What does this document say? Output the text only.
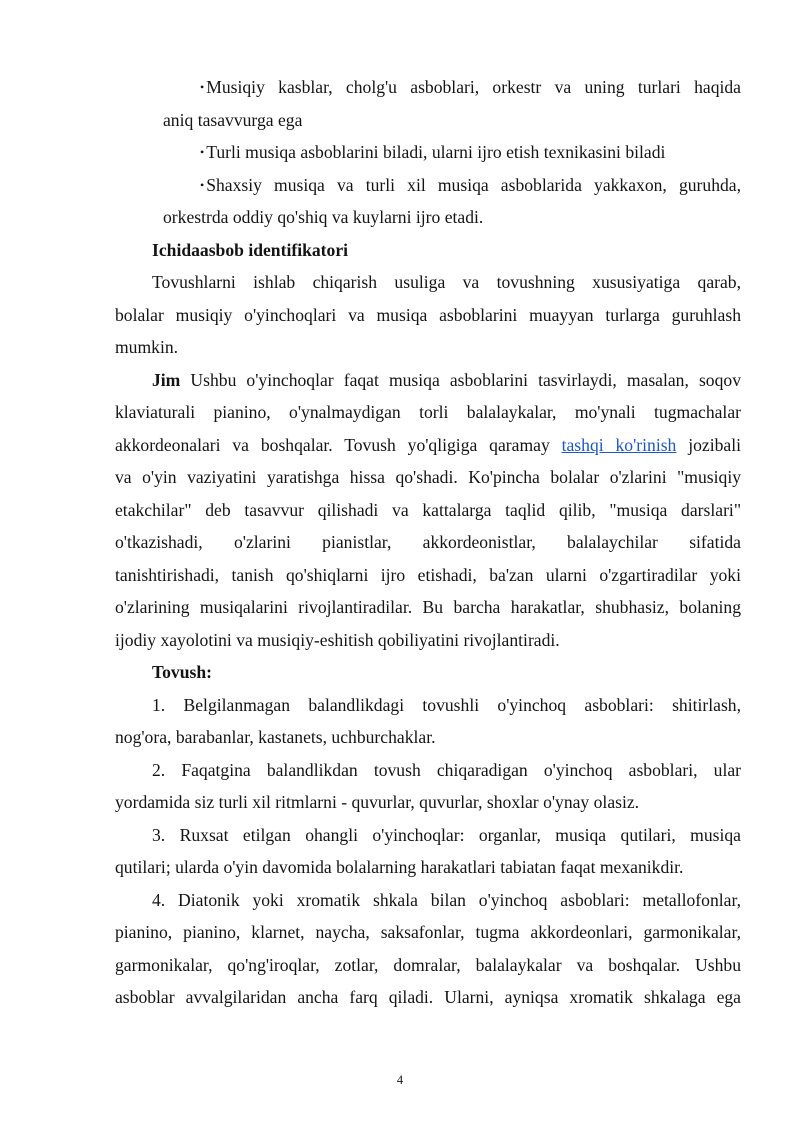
• Musiqiy kasblar, cholg'u asboblari, orkestr va uning turlari haqida
aniq tasavvurga ega
• Turli musiqa asboblarini biladi, ularni ijro etish texnikasini biladi
• Shaxsiy musiqa va turli xil musiqa asboblarida yakkaxon, guruhda,
orkestrda oddiy qo'shiq va kuylarni ijro etadi.
Ichidaasbob identifikatori
Tovushlarni ishlab chiqarish usuliga va tovushning xususiyatiga qarab,
bolalar musiqiy o'yinchoqlari va musiqa asboblarini muayyan turlarga guruhlash
mumkin.
Jim Ushbu o'yinchoqlar faqat musiqa asboblarini tasvirlaydi, masalan, soqov
klaviaturali pianino, o'ynalmaydigan torli balalaykalar, mo'ynali tugmachalar
akkordeonalari va boshqalar. Tovush yo'qligiga qaramay tashqi ko'rinish jozibali
va o'yin vaziyatini yaratishga hissa qo'shadi. Ko'pincha bolalar o'zlarini "musiqiy
etakchilar" deb tasavvur qilishadi va kattalarga taqlid qilib, "musiqa darslari"
o'tkazishadi, o'zlarini pianistlar, akkordeonistlar, balalaychilar sifatida
tanishtirishadi, tanish qo'shiqlarni ijro etishadi, ba'zan ularni o'zgartiradilar yoki
o'zlarining musiqalarini rivojlantiradilar. Bu barcha harakatlar, shubhasiz, bolaning
ijodiy xayolotini va musiqiy-eshitish qobiliyatini rivojlantiradi.
Tovush:
1. Belgilanmagan balandlikdagi tovushli o'yinchoq asboblari: shitirlash,
nog'ora, barabanlar, kastanets, uchburchaklar.
2. Faqatgina balandlikdan tovush chiqaradigan o'yinchoq asboblari, ular
yordamida siz turli xil ritmlarni - quvurlar, quvurlar, shoxlar o'ynay olasiz.
3. Ruxsat etilgan ohangli o'yinchoqlar: organlar, musiqa qutilari, musiqa
qutilari; ularda o'yin davomida bolalarning harakatlari tabiatan faqat mexanikdir.
4. Diatonik yoki xromatik shkala bilan o'yinchoq asboblari: metallofonlar,
pianino, pianino, klarnet, naycha, saksafonlar, tugma akkordeonlari, garmonikalar,
garmonikalar, qo'ng'iroqlar, zotlar, domralar, balalaykalar va boshqalar. Ushbu
asboblar avvalgilaridan ancha farq qiladi. Ularni, ayniqsa xromatik shkalaga ega
4
